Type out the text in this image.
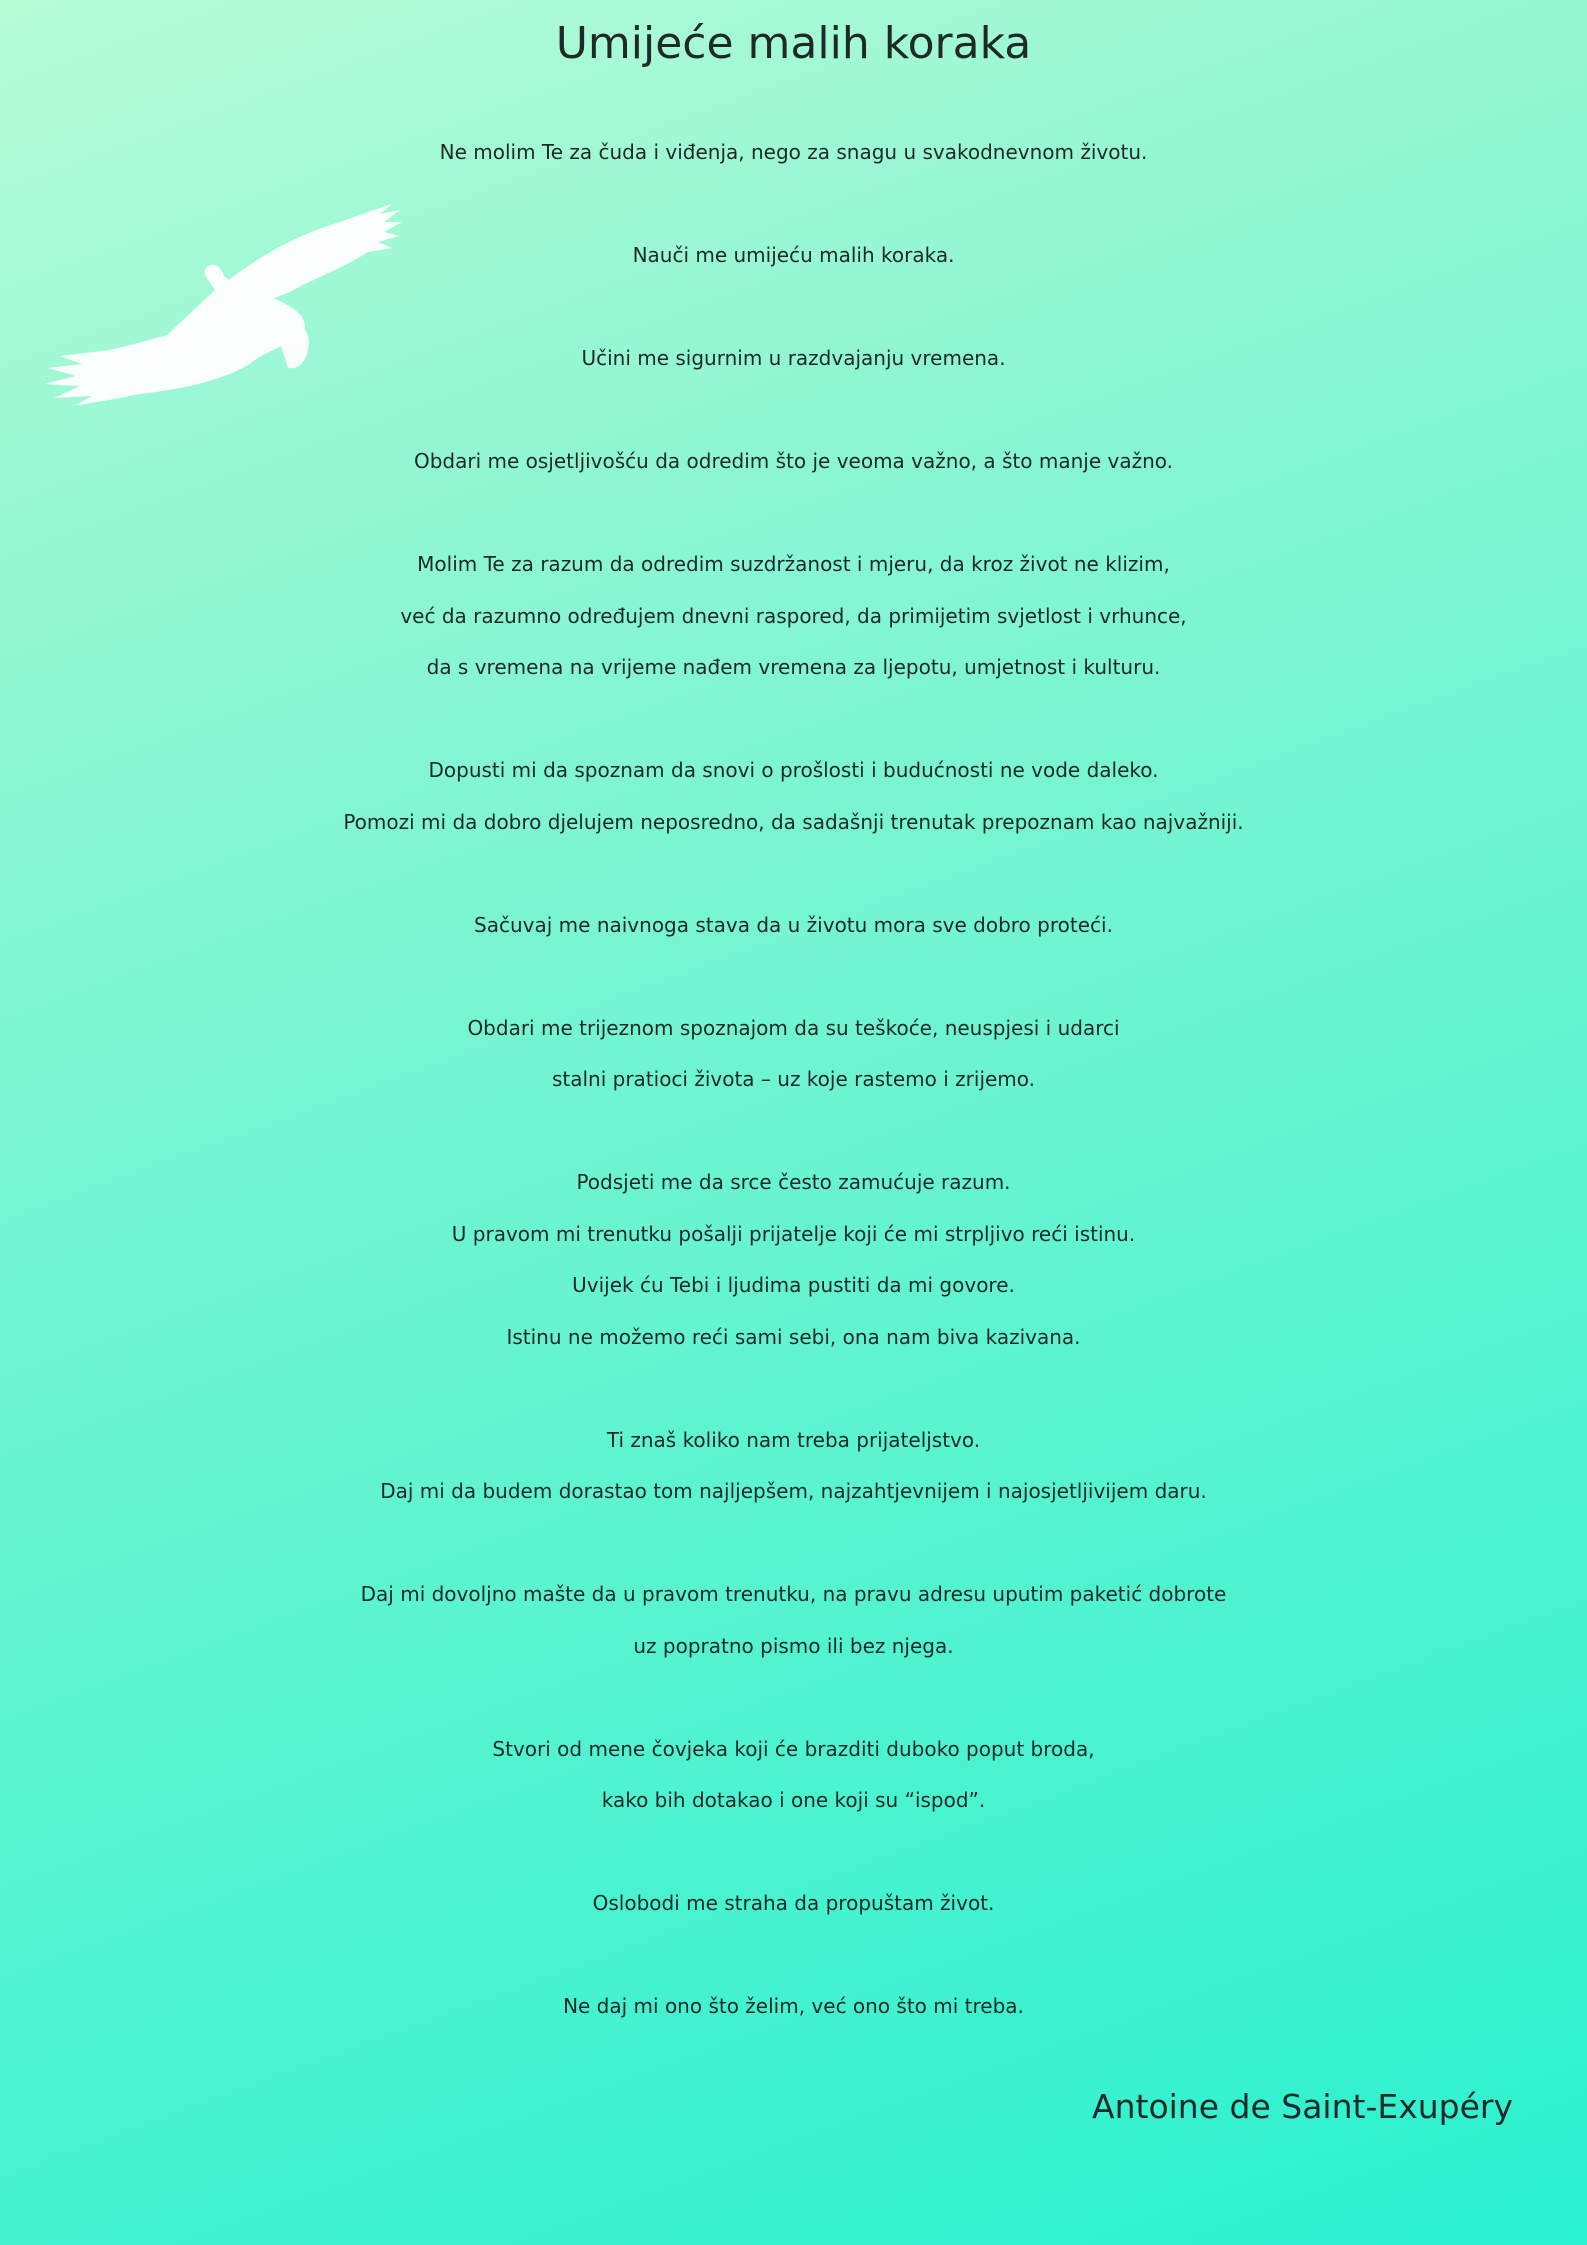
Umijeće malih koraka
Ne molim Te za čuda i viđenja, nego za snagu u svakodnevnom životu.
Nauči me umijeću malih koraka.
Učini me sigurnim u razdvajanju vremena.
Obdari me osjetljivošću da odredim što je veoma važno, a što manje važno.
Molim Te za razum da odredim suzdržanost i mjeru, da kroz život ne klizim,
već da razumno određujem dnevni raspored, da primijetim svjetlost i vrhunce,
da s vremena na vrijeme nađem vremena za ljepotu, umjetnost i kulturu.
Dopusti mi da spoznam da snovi o prošlosti i budućnosti ne vode daleko.
Pomozi mi da dobro djelujem neposredno, da sadašnji trenutak prepoznam kao najvažniji.
Sačuvaj me naivnoga stava da u životu mora sve dobro proteći.
Obdari me trijeznom spoznajom da su teškoće, neuspjesi i udarci
stalni pratioci života – uz koje rastemo i zrijemo.
Podsjeti me da srce često zamućuje razum.
U pravom mi trenutku pošalji prijatelje koji će mi strpljivo reći istinu.
Uvijek ću Tebi i ljudima pustiti da mi govore.
Istinu ne možemo reći sami sebi, ona nam biva kazivana.
Ti znaš koliko nam treba prijateljstvo.
Daj mi da budem dorastao tom najljepšem, najzahtjevnijem i najosjetljivijem daru.
Daj mi dovoljno mašte da u pravom trenutku, na pravu adresu uputim paketić dobrote
uz popratno pismo ili bez njega.
Stvori od mene čovjeka koji će brazditi duboko poput broda,
kako bih dotakao i one koji su “ispod”.
Oslobodi me straha da propuštam život.
Ne daj mi ono što želim, već ono što mi treba.
Antoine de Saint-Exupéry
